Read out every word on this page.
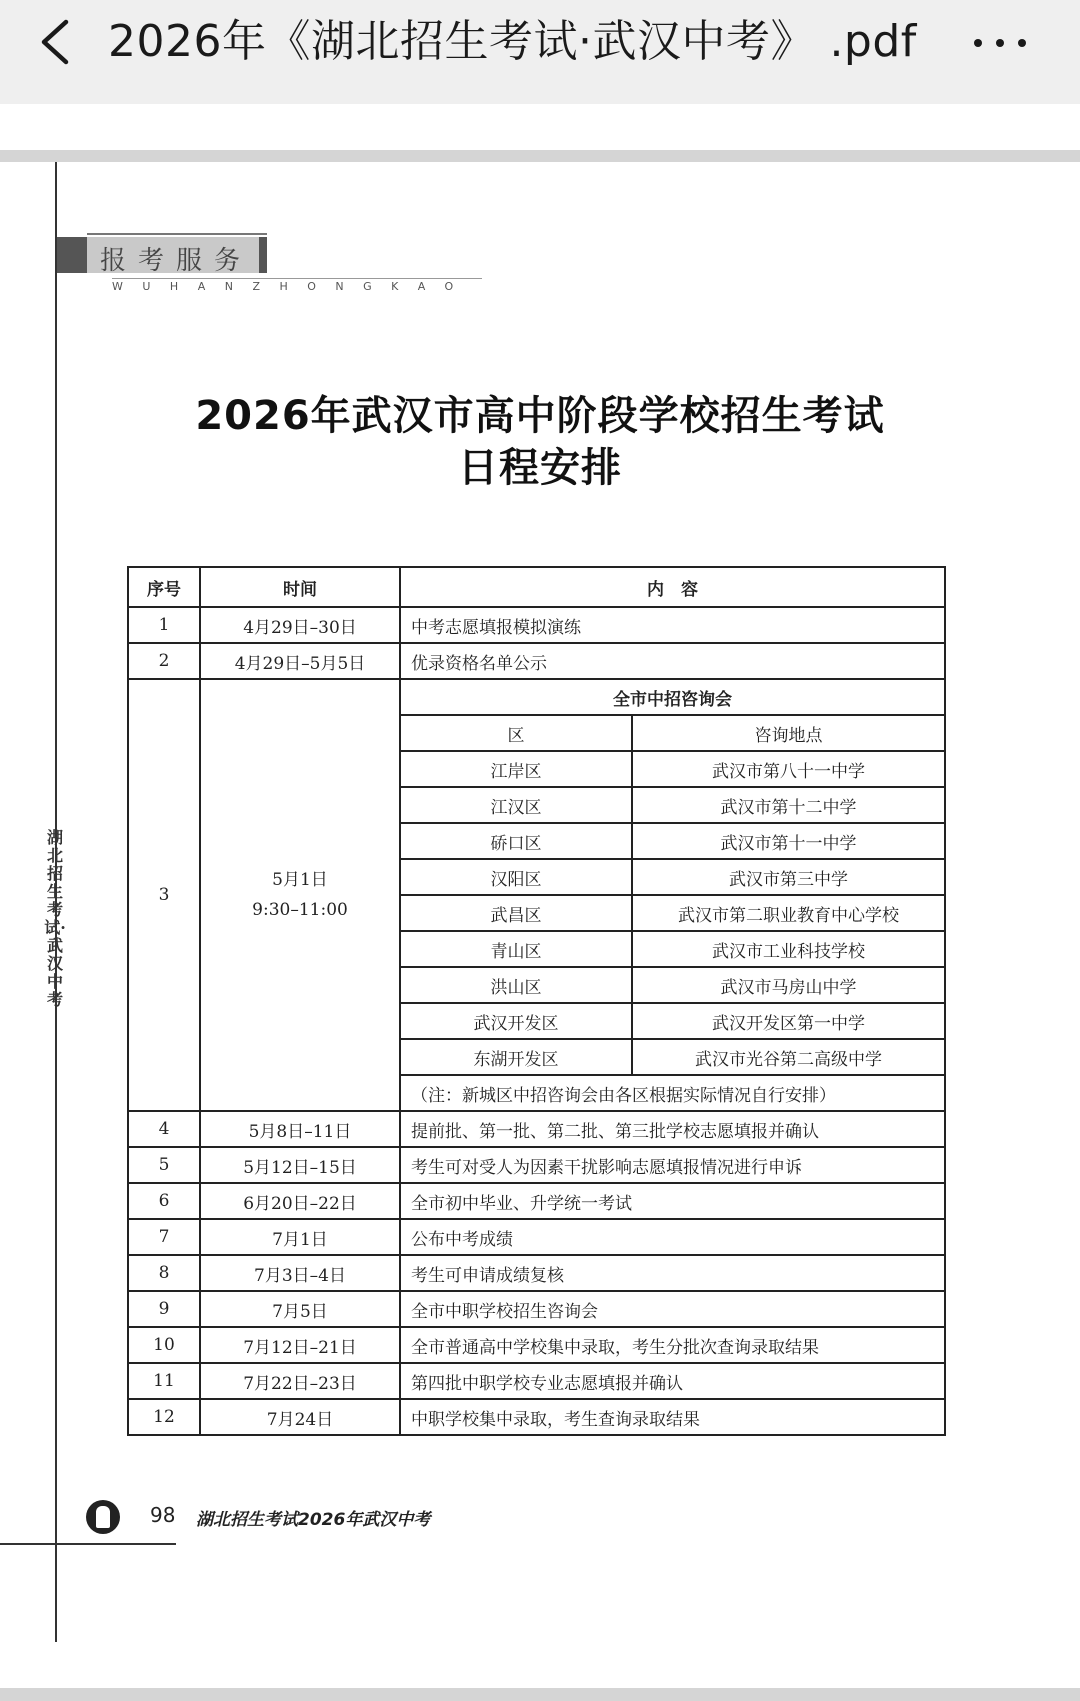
2026年《湖北招生考试·武汉中考》 .pdf
报考服务
WUHANZHONGKAO
湖北招生考试·武汉中考
2026年武汉市高中阶段学校招生考试
日程安排
序号	时间	内　容	
1	4月29日–30日	中考志愿填报模拟演练	
2	4月29日–5月5日	优录资格名单公示	
3	5月1日
9:30–11:00	全市中招咨询会	
		区	咨询地点
		江岸区	武汉市第八十一中学
		江汉区	武汉市第十二中学
		硚口区	武汉市第十一中学
		汉阳区	武汉市第三中学
		武昌区	武汉市第二职业教育中心学校
		青山区	武汉市工业科技学校
		洪山区	武汉市马房山中学
		武汉开发区	武汉开发区第一中学
		东湖开发区	武汉市光谷第二高级中学
		（注：新城区中招咨询会由各区根据实际情况自行安排）	
4	5月8日–11日	提前批、第一批、第二批、第三批学校志愿填报并确认	
5	5月12日–15日	考生可对受人为因素干扰影响志愿填报情况进行申诉	
6	6月20日–22日	全市初中毕业、升学统一考试	
7	7月1日	公布中考成绩	
8	7月3日–4日	考生可申请成绩复核	
9	7月5日	全市中职学校招生咨询会	
10	7月12日–21日	全市普通高中学校集中录取，考生分批次查询录取结果	
11	7月22日–23日	第四批中职学校专业志愿填报并确认	
12	7月24日	中职学校集中录取，考生查询录取结果	
98 湖北招生考试2026年武汉中考
